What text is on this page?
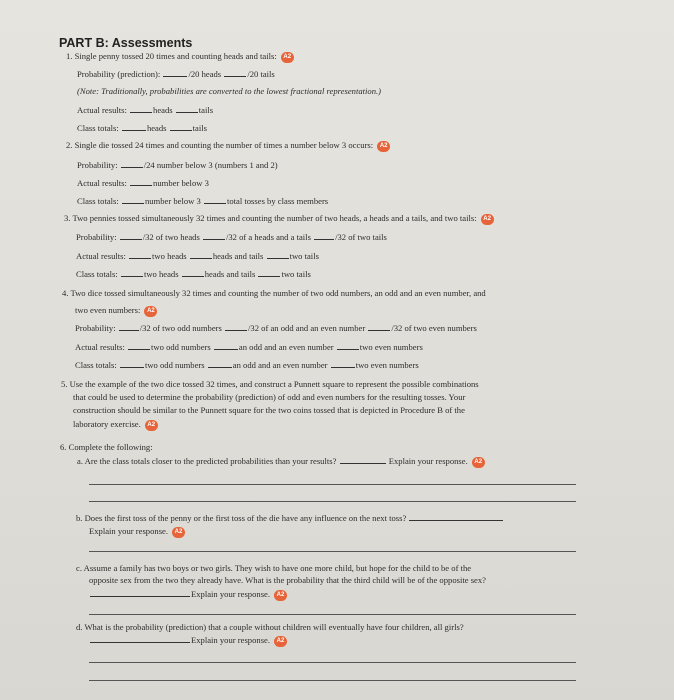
PART B: Assessments
1. Single penny tossed 20 times and counting heads and tails: A2
Probability (prediction):	/20 heads	/20 tails
(Note: Traditionally, probabilities are converted to the lowest fractional representation.)
Actual results:	heads	tails
Class totals:	heads	tails
2. Single die tossed 24 times and counting the number of times a number below 3 occurs: A2
Probability:	/24 number below 3 (numbers 1 and 2)
Actual results:	number below 3
Class totals:	number below 3	total tosses by class members
3. Two pennies tossed simultaneously 32 times and counting the number of two heads, a heads and a tails, and two tails: A2
Probability:	/32 of two heads	/32 of a heads and a tails	/32 of two tails
Actual results:	two heads	heads and tails	two tails
Class totals:	two heads	heads and tails	two tails
4. Two dice tossed simultaneously 32 times and counting the number of two odd numbers, an odd and an even number, and
two even numbers: A2
Probability:	/32 of two odd numbers	/32 of an odd and an even number	/32 of two even numbers
Actual results:	two odd numbers	an odd and an even number	two even numbers
Class totals:	two odd numbers	an odd and an even number	two even numbers
5. Use the example of the two dice tossed 32 times, and construct a Punnett square to represent the possible combinations
that could be used to determine the probability (prediction) of odd and even numbers for the resulting tosses. Your
construction should be similar to the Punnett square for the two coins tossed that is depicted in Procedure B of the
laboratory exercise. A2
6. Complete the following:
a. Are the class totals closer to the predicted probabilities than your results?	Explain your response. A2
b. Does the first toss of the penny or the first toss of the die have any influence on the next toss?
Explain your response. A2
c. Assume a family has two boys or two girls. They wish to have one more child, but hope for the child to be of the
opposite sex from the two they already have. What is the probability that the third child will be of the opposite sex?
Explain your response. A2
d. What is the probability (prediction) that a couple without children will eventually have four children, all girls?
Explain your response. A2
